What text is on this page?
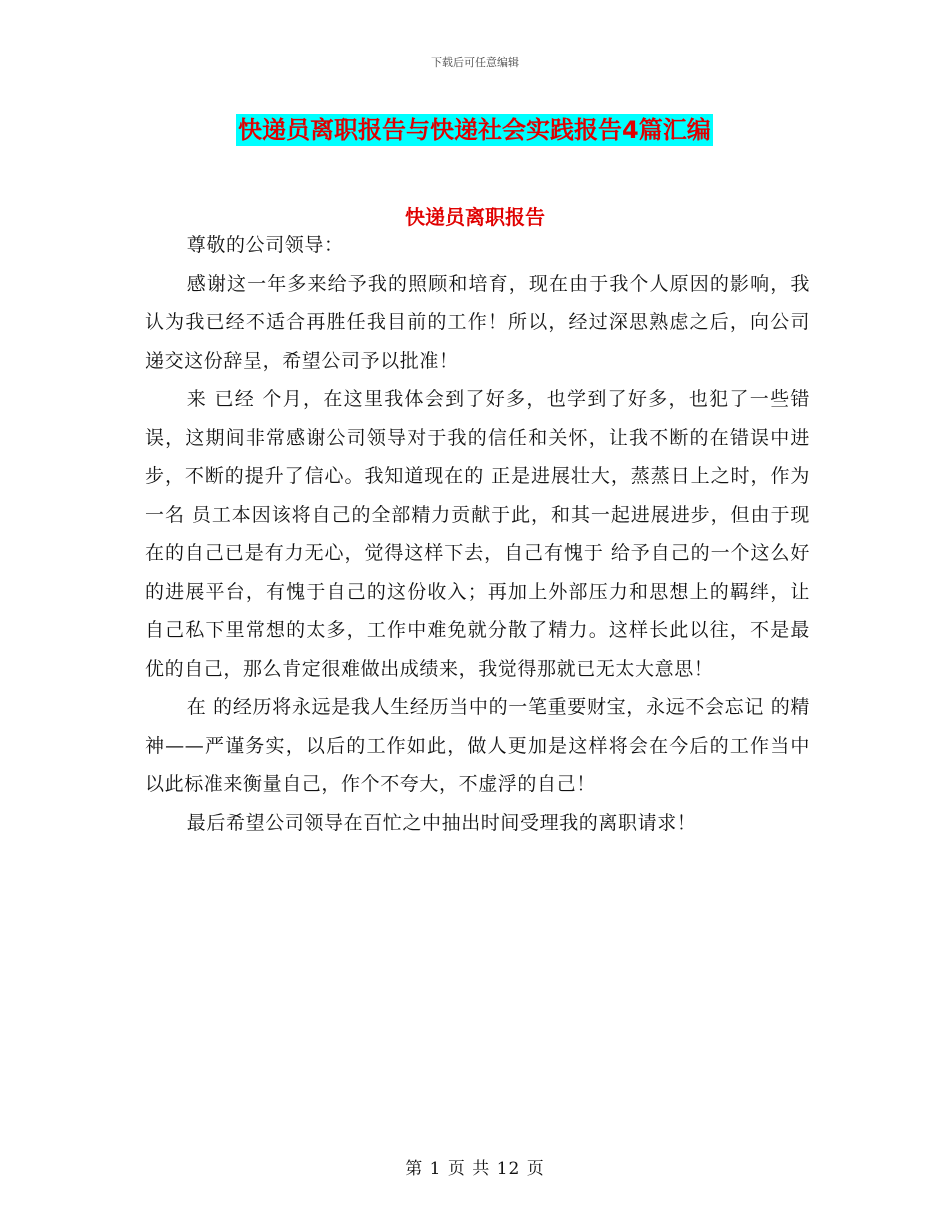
下载后可任意编辑
快递员离职报告与快递社会实践报告4篇汇编
快递员离职报告

尊敬的公司领导：

感谢这一年多来给予我的照顾和培育，现在由于我个人原因的影响，我认为我已经不适合再胜任我目前的工作！所以，经过深思熟虑之后，向公司递交这份辞呈，希望公司予以批准！

来 已经 个月，在这里我体会到了好多，也学到了好多，也犯了一些错误，这期间非常感谢公司领导对于我的信任和关怀，让我不断的在错误中进步，不断的提升了信心。我知道现在的 正是进展壮大，蒸蒸日上之时，作为一名 员工本因该将自己的全部精力贡献于此，和其一起进展进步，但由于现在的自己已是有力无心，觉得这样下去，自己有愧于 给予自己的一个这么好的进展平台，有愧于自己的这份收入；再加上外部压力和思想上的羁绊，让自己私下里常想的太多，工作中难免就分散了精力。这样长此以往，不是最优的自己，那么肯定很难做出成绩来，我觉得那就已无太大意思！

在 的经历将永远是我人生经历当中的一笔重要财宝，永远不会忘记 的精神——严谨务实，以后的工作如此，做人更加是这样将会在今后的工作当中以此标准来衡量自己，作个不夸大，不虚浮的自己！

最后希望公司领导在百忙之中抽出时间受理我的离职请求！

第 1 页 共 12 页
